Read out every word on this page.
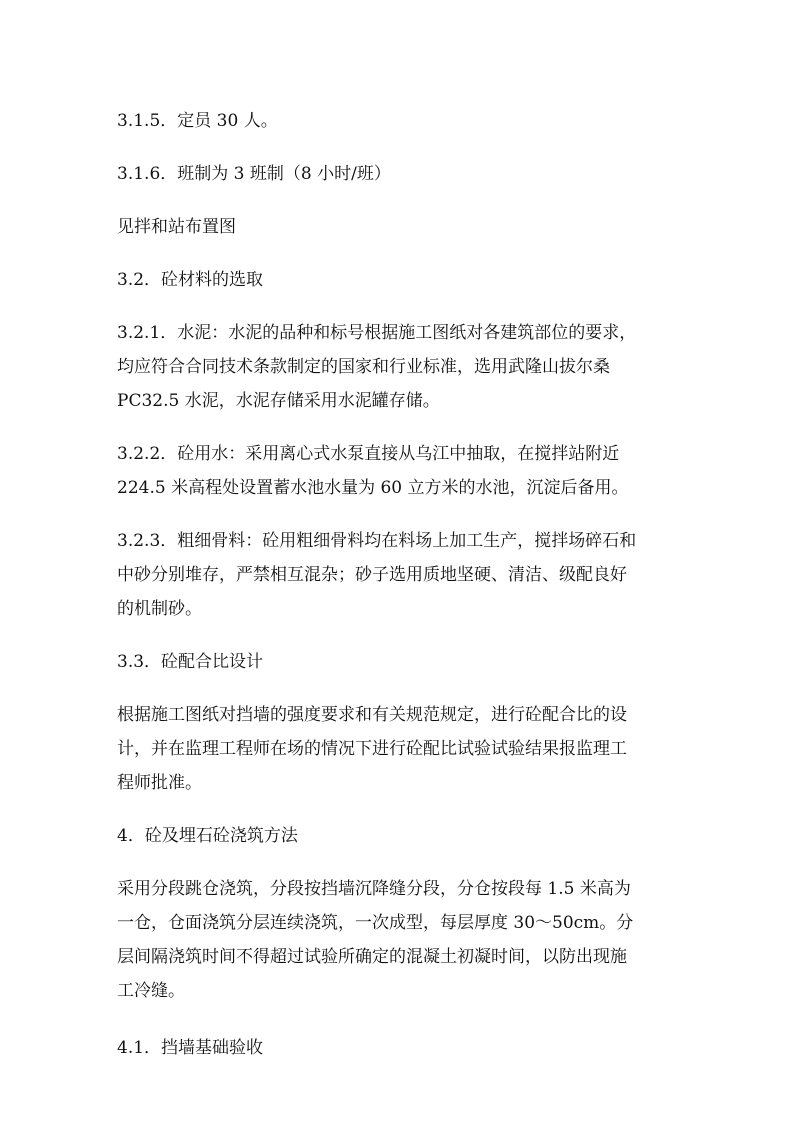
3.1.5．定员 30 人。
3.1.6．班制为 3 班制（8 小时/班）
见拌和站布置图
3.2．砼材料的选取
3.2.1．水泥：水泥的品种和标号根据施工图纸对各建筑部位的要求，
均应符合合同技术条款制定的国家和行业标准，选用武隆山拔尔桑
PC32.5 水泥，水泥存储采用水泥罐存储。
3.2.2．砼用水：采用离心式水泵直接从乌江中抽取，在搅拌站附近
224.5 米高程处设置蓄水池水量为 60 立方米的水池，沉淀后备用。
3.2.3．粗细骨料：砼用粗细骨料均在料场上加工生产，搅拌场碎石和
中砂分别堆存，严禁相互混杂；砂子选用质地坚硬、清洁、级配良好
的机制砂。
3.3．砼配合比设计
根据施工图纸对挡墙的强度要求和有关规范规定，进行砼配合比的设
计，并在监理工程师在场的情况下进行砼配比试验试验结果报监理工
程师批准。
4．砼及埋石砼浇筑方法
采用分段跳仓浇筑，分段按挡墙沉降缝分段，分仓按段每 1.5 米高为
一仓，仓面浇筑分层连续浇筑，一次成型，每层厚度 30～50cm。分
层间隔浇筑时间不得超过试验所确定的混凝土初凝时间，以防出现施
工冷缝。
4.1．挡墙基础验收
